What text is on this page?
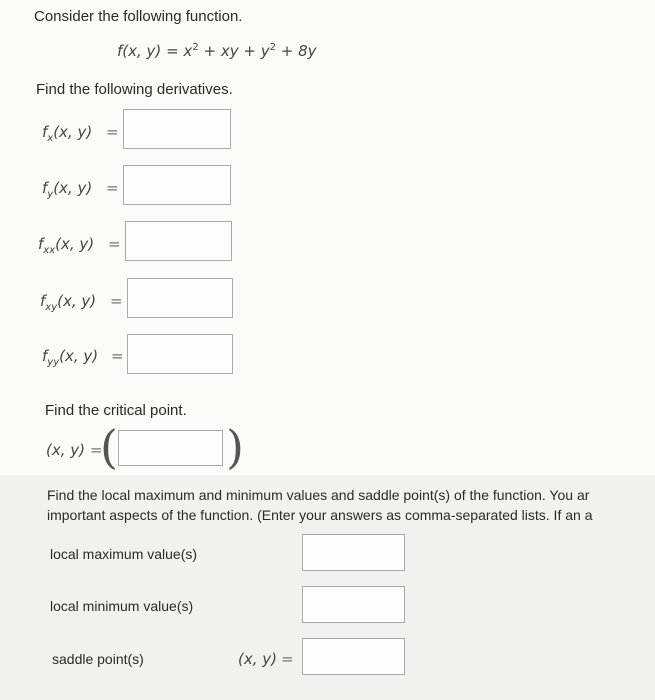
Consider the following function.
f(x, $y) = x^2$ + xy + $y^2 + 8y$
Find the following derivatives.
$f_x(x$, y) =
$f_y(x$, y) =
$f_{xx}(x$, y) =
$f_{xy}(x$, y) =
$f_{yy}(x$, y) =
Find the critical point.
(x, y) =
( )
Find the local maximum and minimum values and saddle point(s) of the function. You ar
important aspects of the function. (Enter your answers as comma-separated lists. If an a
local maximum value(s)
local minimum value(s)
saddle point(s)	(x, y) =
